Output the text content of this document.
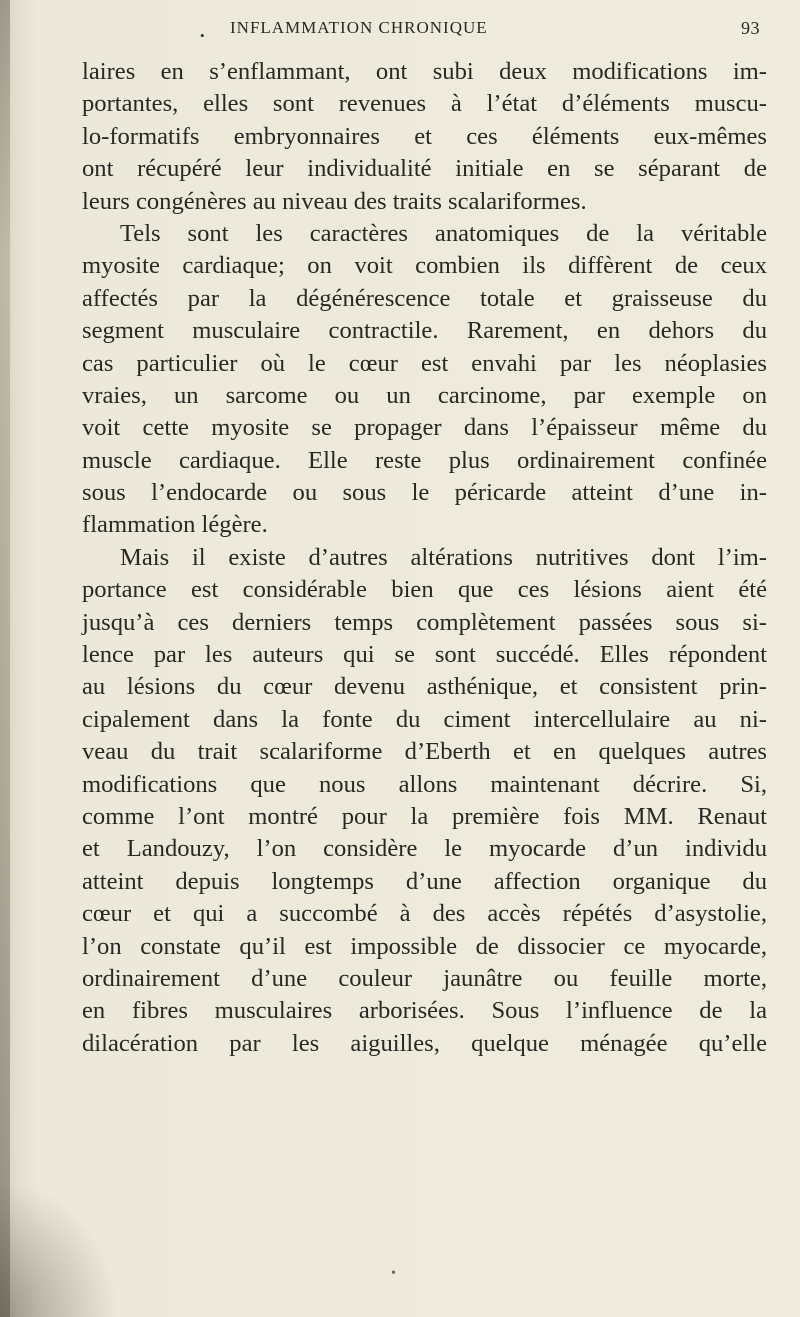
• INFLAMMATION CHRONIQUE	93

laires en s’enflammant, ont subi deux modifications im-

portantes, elles sont revenues à l’état d’éléments muscu-

lo-formatifs embryonnaires et ces éléments eux-mêmes

ont récupéré leur individualité initiale en se séparant de

leurs congénères au niveau des traits scalariformes.

Tels sont les caractères anatomiques de la véritable

myosite cardiaque; on voit combien ils diffèrent de ceux

affectés par la dégénérescence totale et graisseuse du

segment musculaire contractile. Rarement, en dehors du

cas particulier où le cœur est envahi par les néoplasies

vraies, un sarcome ou un carcinome, par exemple on

voit cette myosite se propager dans l’épaisseur même du

muscle cardiaque. Elle reste plus ordinairement confinée

sous l’endocarde ou sous le péricarde atteint d’une in-

flammation légère.

Mais il existe d’autres altérations nutritives dont l’im-

portance est considérable bien que ces lésions aient été

jusqu’à ces derniers temps complètement passées sous si-

lence par les auteurs qui se sont succédé. Elles répondent

au lésions du cœur devenu asthénique, et consistent prin-

cipalement dans la fonte du ciment intercellulaire au ni-

veau du trait scalariforme d’Eberth et en quelques autres

modifications que nous allons maintenant décrire. Si,

comme l’ont montré pour la première fois MM. Renaut

et Landouzy, l’on considère le myocarde d’un individu

atteint depuis longtemps d’une affection organique du

cœur et qui a succombé à des accès répétés d’asystolie,

l’on constate qu’il est impossible de dissocier ce myocarde,

ordinairement d’une couleur jaunâtre ou feuille morte,

en fibres musculaires arborisées. Sous l’influence de la

dilacération par les aiguilles, quelque ménagée qu’elle

•
